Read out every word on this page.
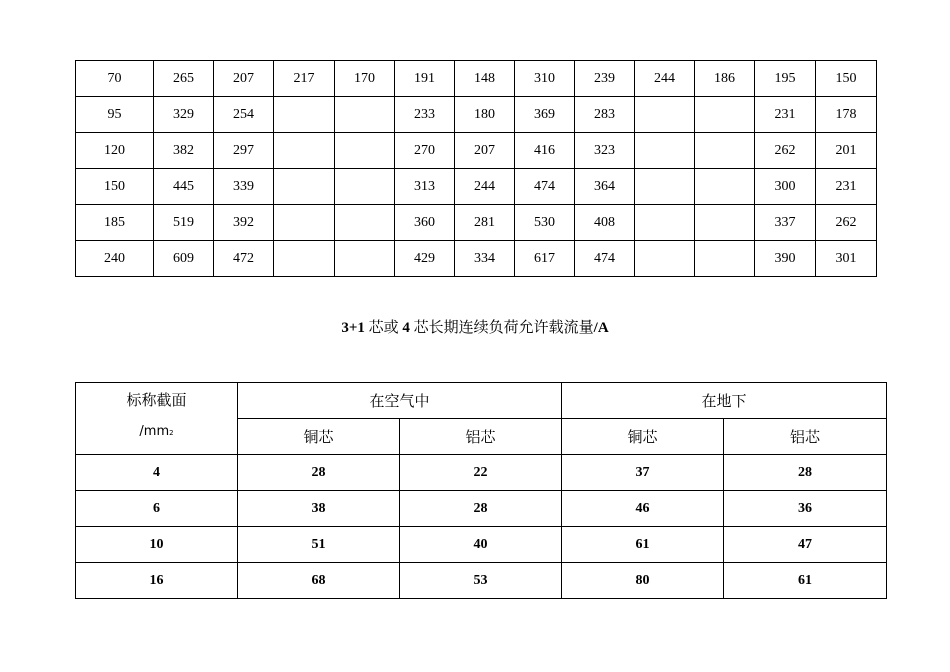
70	265	207	217	170	191	148	310	239	244	186	195	150
95	329	254			233	180	369	283			231	178
120	382	297			270	207	416	323			262	201
150	445	339			313	244	474	364			300	231
185	519	392			360	281	530	408			337	262
240	609	472			429	334	617	474			390	301
3+1 芯或 4 芯长期连续负荷允许载流量/A
标称截面
/mm2	在空气中		在地下	
	铜芯	铝芯	铜芯	铝芯
4	28	22	37	28
6	38	28	46	36
10	51	40	61	47
16	68	53	80	61
